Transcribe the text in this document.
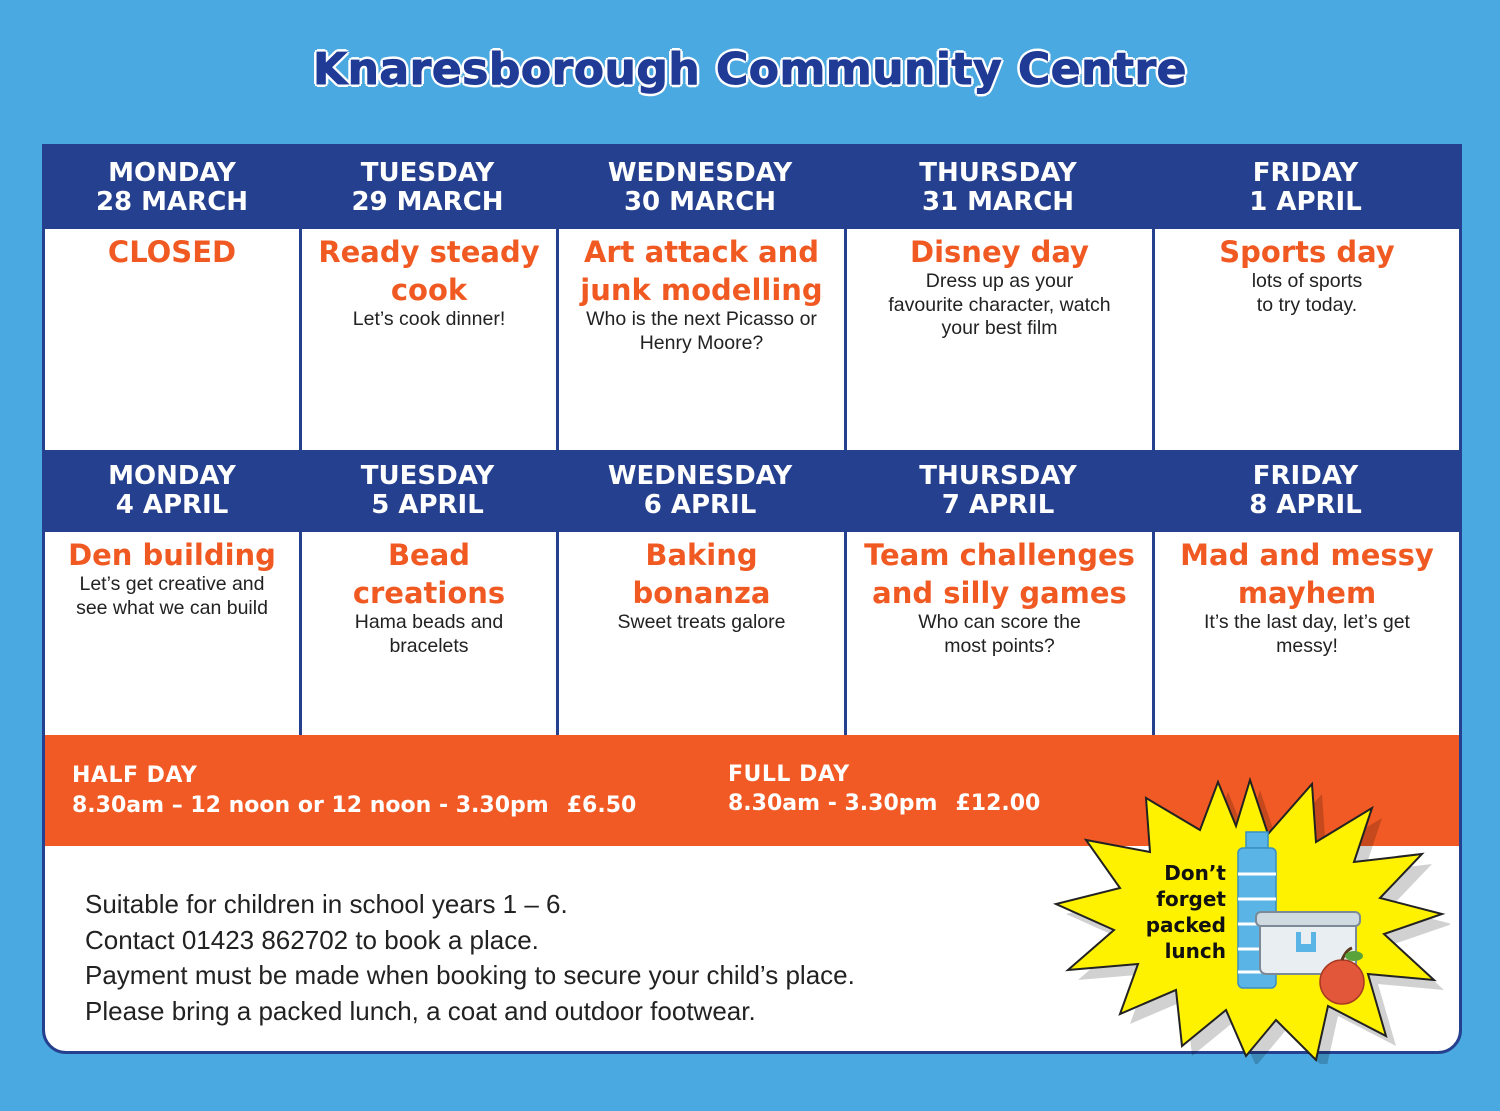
Knaresborough Community Centre
MONDAY
28 MARCH
TUESDAY
29 MARCH
WEDNESDAY
30 MARCH
THURSDAY
31 MARCH
FRIDAY
1 APRIL
CLOSED	Ready steady
cook
Let’s cook dinner!
Art attack and
junk modelling
Who is the next Picasso or
Henry Moore?
Disney day
Dress up as your
favourite character, watch
your best film
Sports day
lots of sports
to try today.
MONDAY
4 APRIL
TUESDAY
5 APRIL
WEDNESDAY
6 APRIL
THURSDAY
7 APRIL
FRIDAY
8 APRIL
Den building
Let’s get creative and
see what we can build
Bead
creations
Hama beads and
bracelets
Baking
bonanza
Sweet treats galore
Team challenges
and silly games
Who can score the
most points?
Mad and messy
mayhem
It’s the last day, let’s get
messy!
HALF DAY
8.30am – 12 noon or 12 noon - 3.30pm £6.50
FULL DAY
8.30am - 3.30pm £12.00
Suitable for children in school years 1 – 6.
Contact 01423 862702 to book a place.
Payment must be made when booking to secure your child’s place.
Please bring a packed lunch, a coat and outdoor footwear.
Don’t
forget
packed
lunch
